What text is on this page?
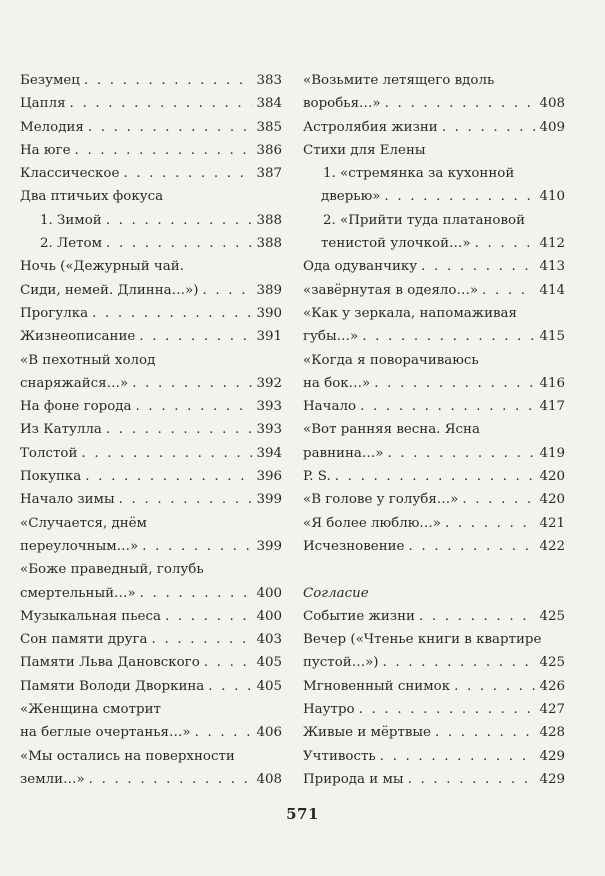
Безумец . . .	383
Цапля . . .	384
Мелодия . . .	385
На юге . . .	386
Классическое . . .	387
Два птичьих фокуса
1. Зимой . . .	388
2. Летом . . .	388
Ночь («Дежурный чай.
Сиди, немей. Длинна…») . . .	389
Прогулка . . .	390
Жизнеописание . . .	391
«В пехотный холод
снаряжайся…» . . .	392
На фоне города . . .	393
Из Катулла . . .	393
Толстой . . .	394
Покупка . . .	396
Начало зимы . . .	399
«Случается, днём
переулочным…» . . .	399
«Боже праведный, голубь
смертельный…» . . .	400
Музыкальная пьеса . . .	400
Сон памяти друга . . .	403
Памяти Льва Дановского . . .	405
Памяти Володи Дворкина . . .	405
«Женщина смотрит
на беглые очертанья…» . . .	406
«Мы остались на поверхности
земли…» . . .	408
«Возьмите летящего вдоль
воробья…» . . .	408
Астролябия жизни . . .	409
Стихи для Елены
1. «стремянка за кухонной
дверью» . . .	410
2. «Прийти туда платановой
тенистой улочкой…» . . .	412
Ода одуванчику . . .	413
«завёрнутая в одеяло…» . . .	414
«Как у зеркала, напомаживая
губы…» . . .	415
«Когда я поворачиваюсь
на бок…» . . .	416
Начало . . .	417
«Вот ранняя весна. Ясна
равнина…» . . .	419
P. S. . . .	420
«В голове у голубя…» . . .	420
«Я более люблю…» . . .	421
Исчезновение . . .	422
Согласие
Событие жизни . . .	425
Вечер («Чтенье книги в квартире
пустой…») . . .	425
Мгновенный снимок . . .	426
Наутро . . .	427
Живые и мёртвые . . .	428
Учтивость . . .	429
Природа и мы . . .	429
571
